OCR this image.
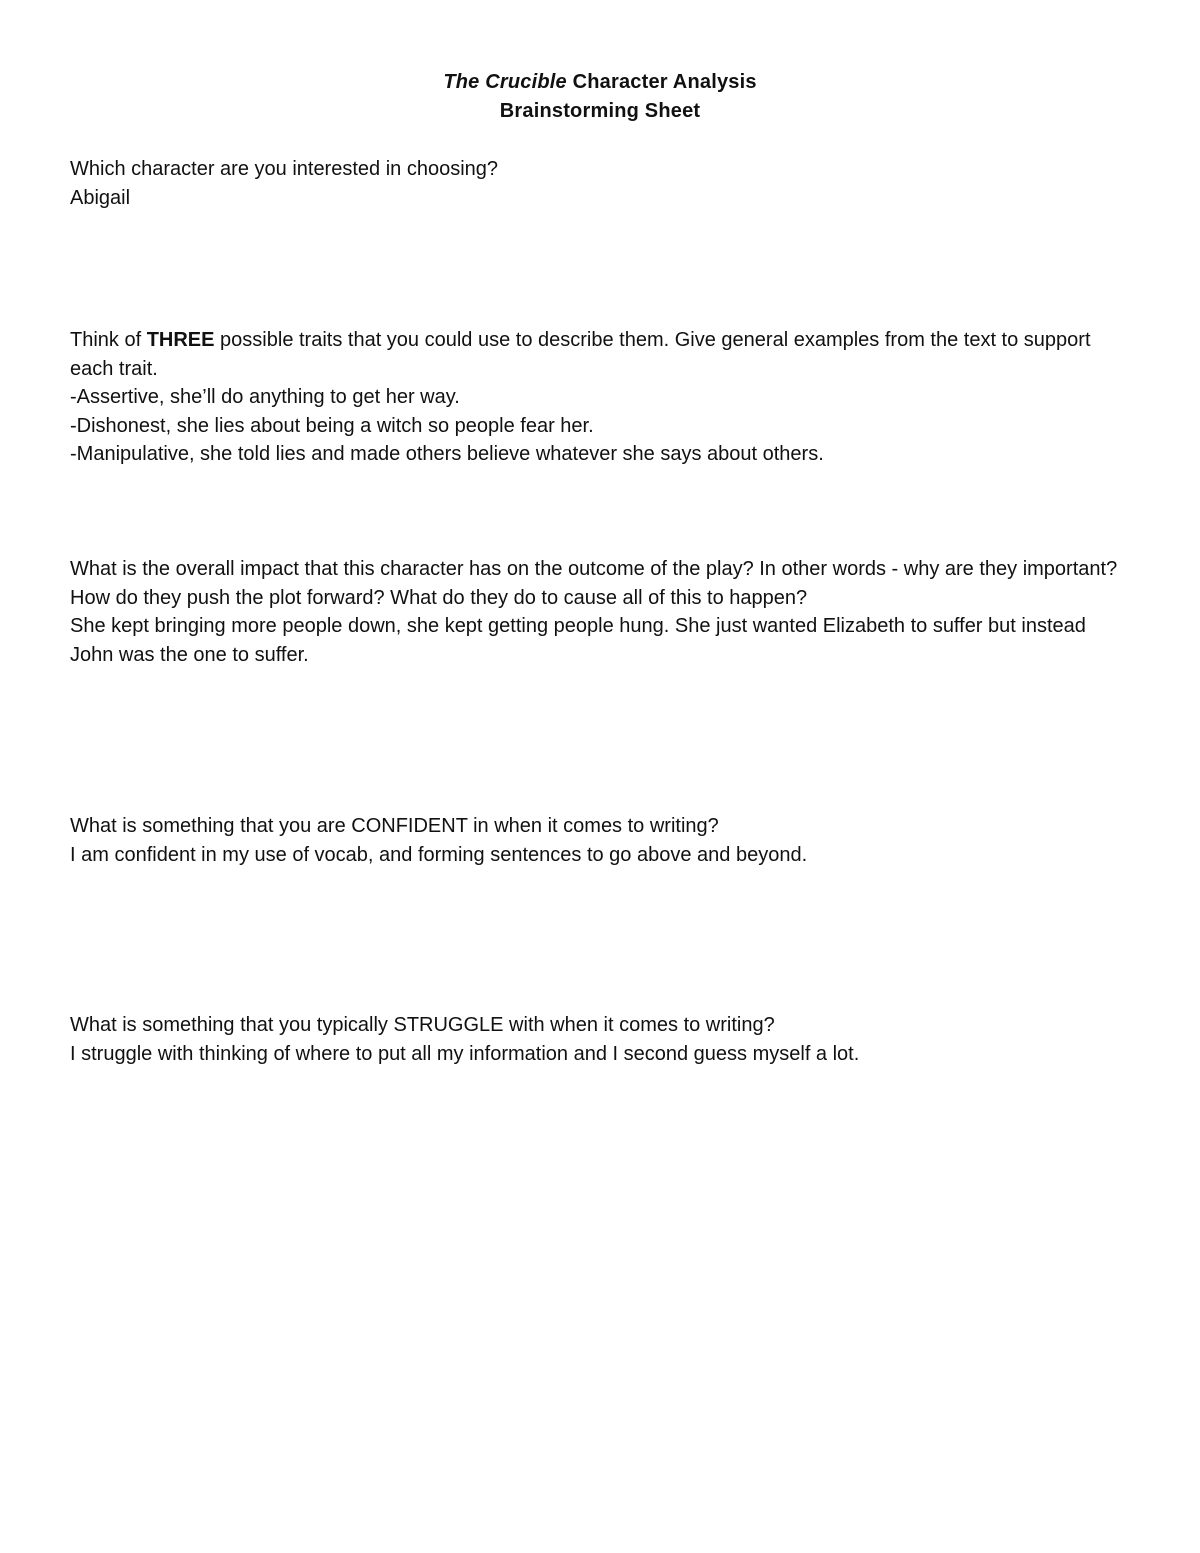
The Crucible Character Analysis
Brainstorming Sheet

Which character are you interested in choosing?

Abigail

Think of THREE possible traits that you could use to describe them. Give general examples from the text to support each trait.

-Assertive, she’ll do anything to get her way.

-Dishonest, she lies about being a witch so people fear her.

-Manipulative, she told lies and made others believe whatever she says about others.

What is the overall impact that this character has on the outcome of the play? In other words - why are they important? How do they push the plot forward? What do they do to cause all of this to happen?

She kept bringing more people down, she kept getting people hung. She just wanted Elizabeth to suffer but instead John was the one to suffer.

What is something that you are CONFIDENT in when it comes to writing?

I am confident in my use of vocab, and forming sentences to go above and beyond.

What is something that you typically STRUGGLE with when it comes to writing?

I struggle with thinking of where to put all my information and I second guess myself a lot.
